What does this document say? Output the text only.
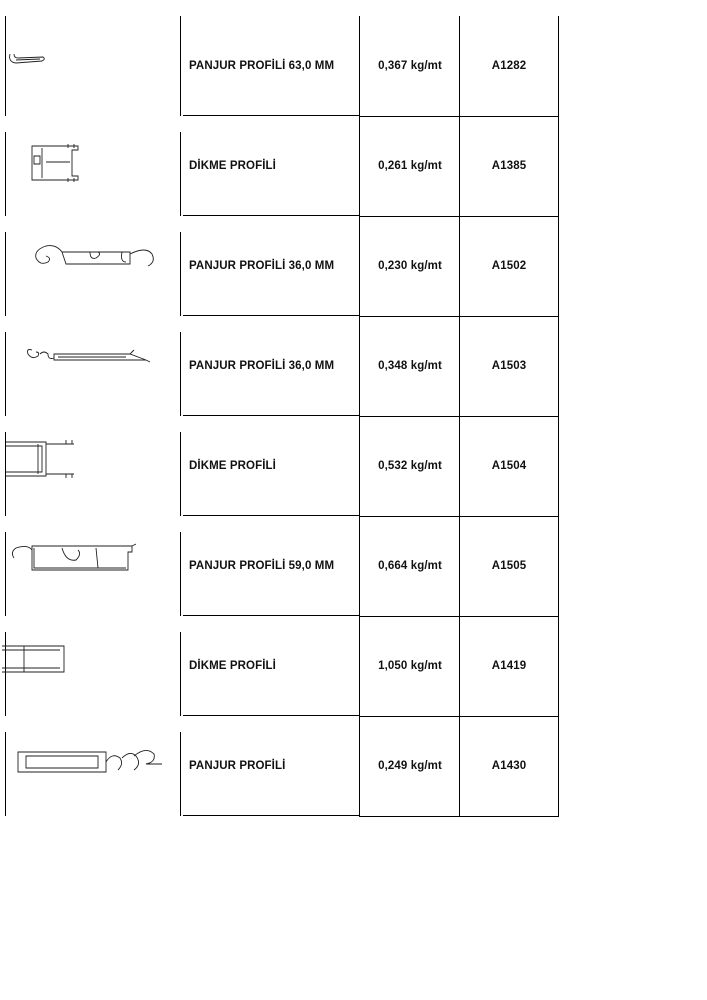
PANJUR PROFİLİ 63,0 MM	0,367 kg/mt	A1282
DİKME PROFİLİ	0,261 kg/mt	A1385
PANJUR PROFİLİ 36,0 MM	0,230 kg/mt	A1502
PANJUR PROFİLİ 36,0 MM	0,348 kg/mt	A1503
DİKME PROFİLİ	0,532 kg/mt	A1504
PANJUR PROFİLİ 59,0 MM	0,664 kg/mt	A1505
DİKME PROFİLİ	1,050 kg/mt	A1419
PANJUR PROFİLİ	0,249 kg/mt	A1430
